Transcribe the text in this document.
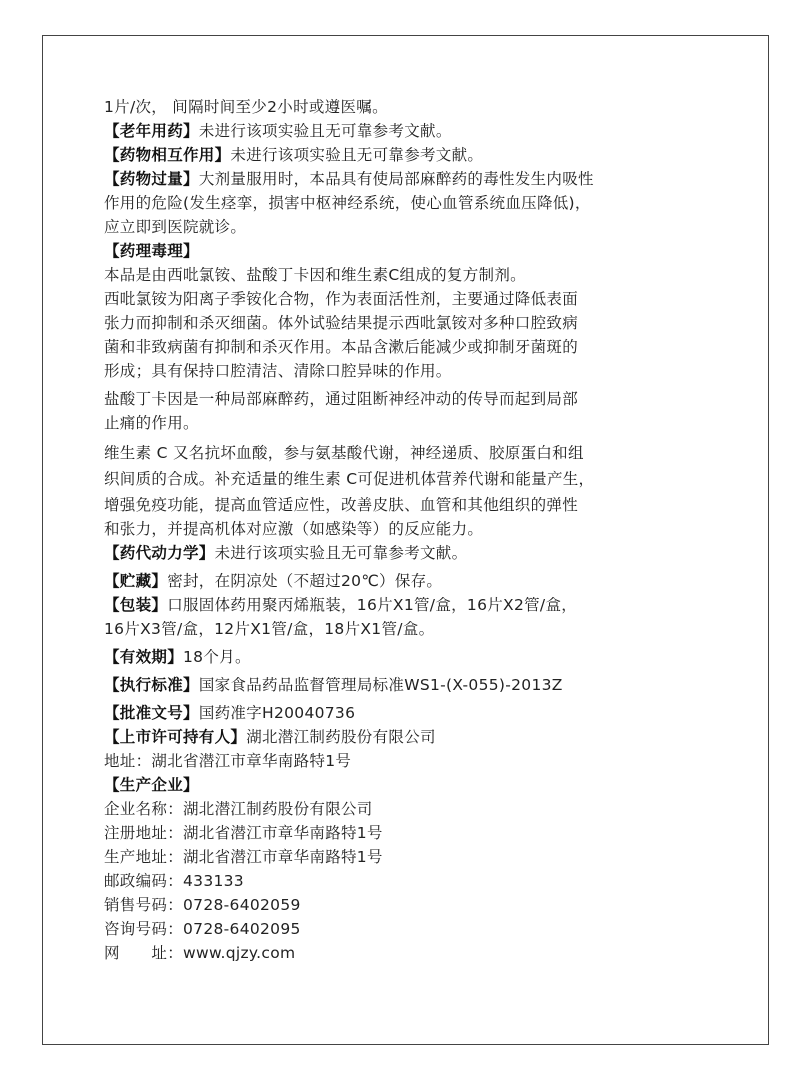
1片/次， 间隔时间至少2小时或遵医嘱。
【老年用药】未进行该项实验且无可靠参考文献。
【药物相互作用】未进行该项实验且无可靠参考文献。
【药物过量】大剂量服用时，本品具有使局部麻醉药的毒性发生内吸性
作用的危险(发生痉挛，损害中枢神经系统，使心血管系统血压降低)，
应立即到医院就诊。
【药理毒理】
本品是由西吡氯铵、盐酸丁卡因和维生素C组成的复方制剂。
西吡氯铵为阳离子季铵化合物，作为表面活性剂，主要通过降低表面
张力而抑制和杀灭细菌。体外试验结果提示西吡氯铵对多种口腔致病
菌和非致病菌有抑制和杀灭作用。本品含漱后能减少或抑制牙菌斑的
形成；具有保持口腔清洁、清除口腔异味的作用。
盐酸丁卡因是一种局部麻醉药，通过阻断神经冲动的传导而起到局部
止痛的作用。
维生素 C 又名抗坏血酸，参与氨基酸代谢，神经递质、胶原蛋白和组
织间质的合成。补充适量的维生素 C可促进机体营养代谢和能量产生，
增强免疫功能，提高血管适应性，改善皮肤、血管和其他组织的弹性
和张力，并提高机体对应激（如感染等）的反应能力。
【药代动力学】未进行该项实验且无可靠参考文献。
【贮藏】密封，在阴凉处（不超过20℃）保存。
【包装】口服固体药用聚丙烯瓶装，16片X1管/盒，16片X2管/盒，
16片X3管/盒，12片X1管/盒，18片X1管/盒。
【有效期】18个月。
【执行标准】国家食品药品监督管理局标准WS1-(X-055)-2013Z
【批准文号】国药准字H20040736
【上市许可持有人】湖北潜江制药股份有限公司
地址：湖北省潜江市章华南路特1号
【生产企业】
企业名称：湖北潜江制药股份有限公司
注册地址：湖北省潜江市章华南路特1号
生产地址：湖北省潜江市章华南路特1号
邮政编码：433133
销售号码：0728-6402059
咨询号码：0728-6402095
网　　址：www.qjzy.com
